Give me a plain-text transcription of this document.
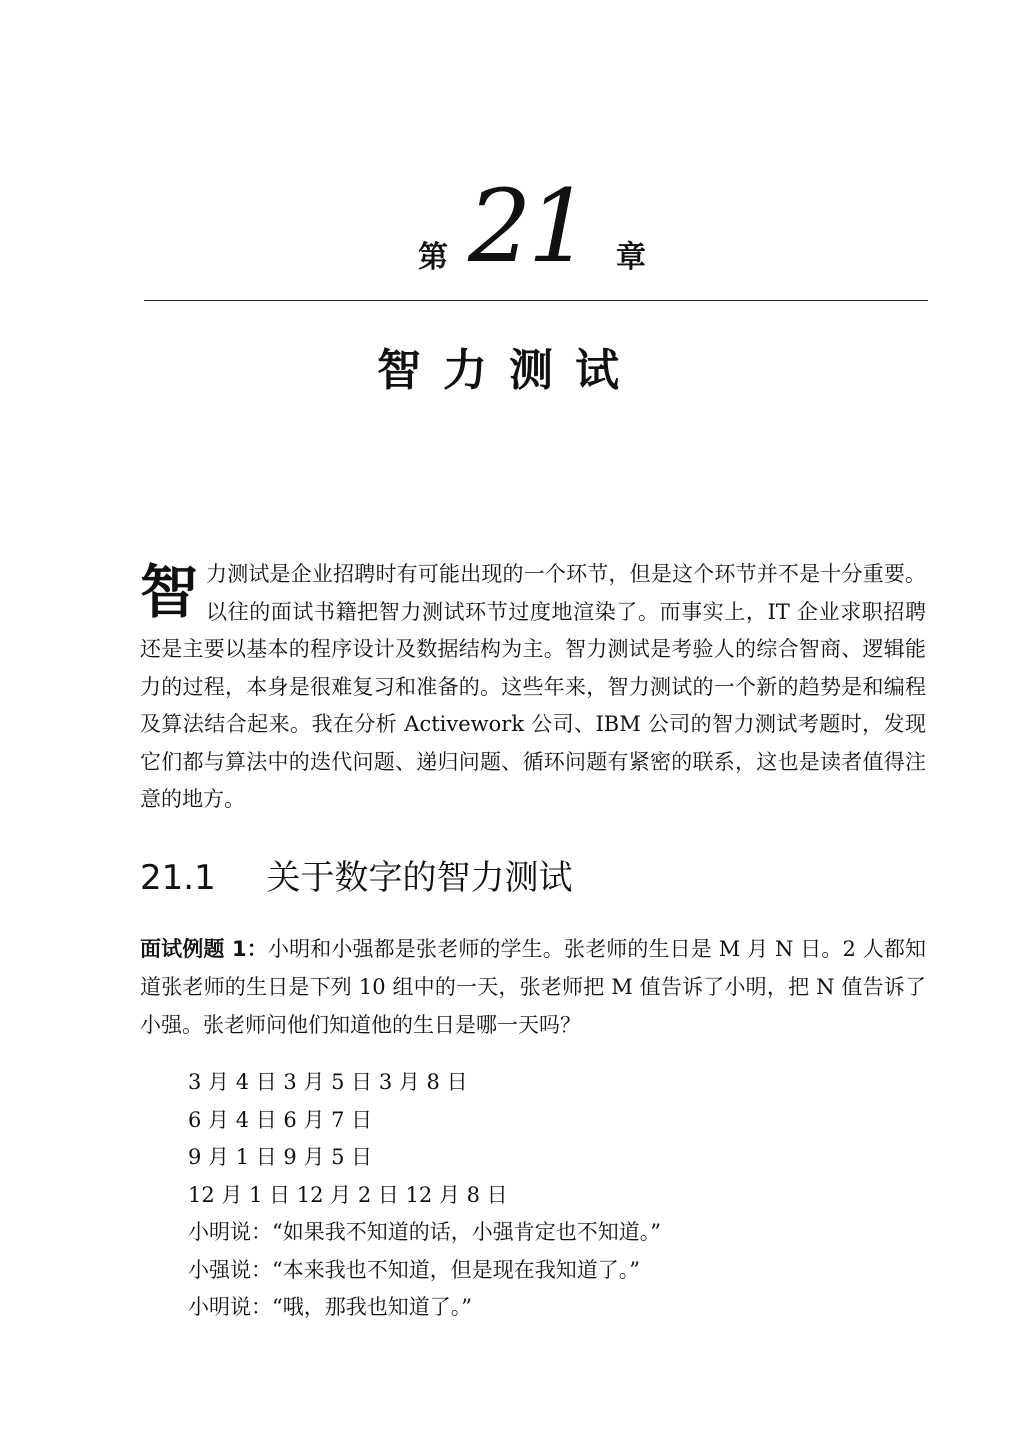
第 21 章
智力测试
智 力测试是企业招聘时有可能出现的一个环节，但是这个环节并不是十分重要。以往的面试书籍把智力测试环节过度地渲染了。而事实上，IT 企业求职招聘还是主要以基本的程序设计及数据结构为主。智力测试是考验人的综合智商、逻辑能力的过程，本身是很难复习和准备的。这些年来，智力测试的一个新的趋势是和编程及算法结合起来。我在分析 Activework 公司、IBM 公司的智力测试考题时，发现它们都与算法中的迭代问题、递归问题、循环问题有紧密的联系，这也是读者值得注意的地方。
21.1 关于数字的智力测试
面试例题 1：小明和小强都是张老师的学生。张老师的生日是 M 月 N 日。2 人都知道张老师的生日是下列 10 组中的一天，张老师把 M 值告诉了小明，把 N 值告诉了小强。张老师问他们知道他的生日是哪一天吗？
3 月 4 日 3 月 5 日 3 月 8 日
6 月 4 日 6 月 7 日
9 月 1 日 9 月 5 日
12 月 1 日 12 月 2 日 12 月 8 日
小明说：“如果我不知道的话，小强肯定也不知道。”
小强说：“本来我也不知道，但是现在我知道了。”
小明说：“哦，那我也知道了。”
